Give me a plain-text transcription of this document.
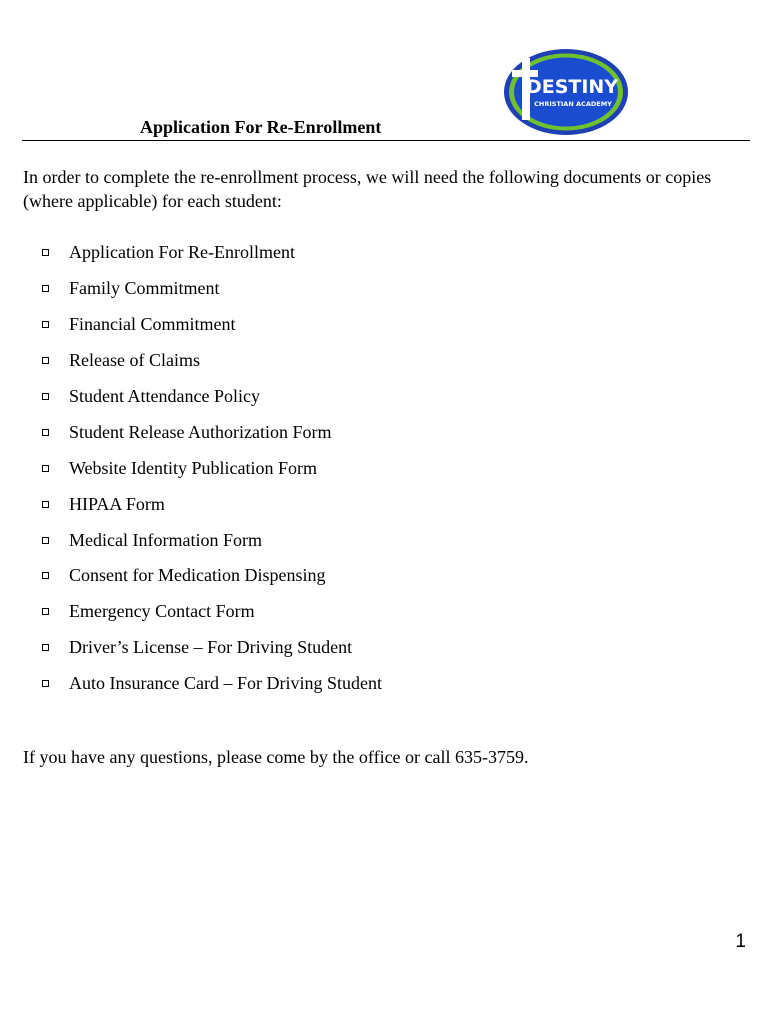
DESTINY
CHRISTIAN ACADEMY
Application For Re-Enrollment

In order to complete the re-enrollment process, we will need the following documents or copies (where applicable) for each student:

Application For Re-Enrollment
Family Commitment
Financial Commitment
Release of Claims
Student Attendance Policy
Student Release Authorization Form
Website Identity Publication Form
HIPAA Form
Medical Information Form
Consent for Medication Dispensing
Emergency Contact Form
Driver’s License – For Driving Student
Auto Insurance Card – For Driving Student

If you have any questions, please come by the office or call 635-3759.

1
